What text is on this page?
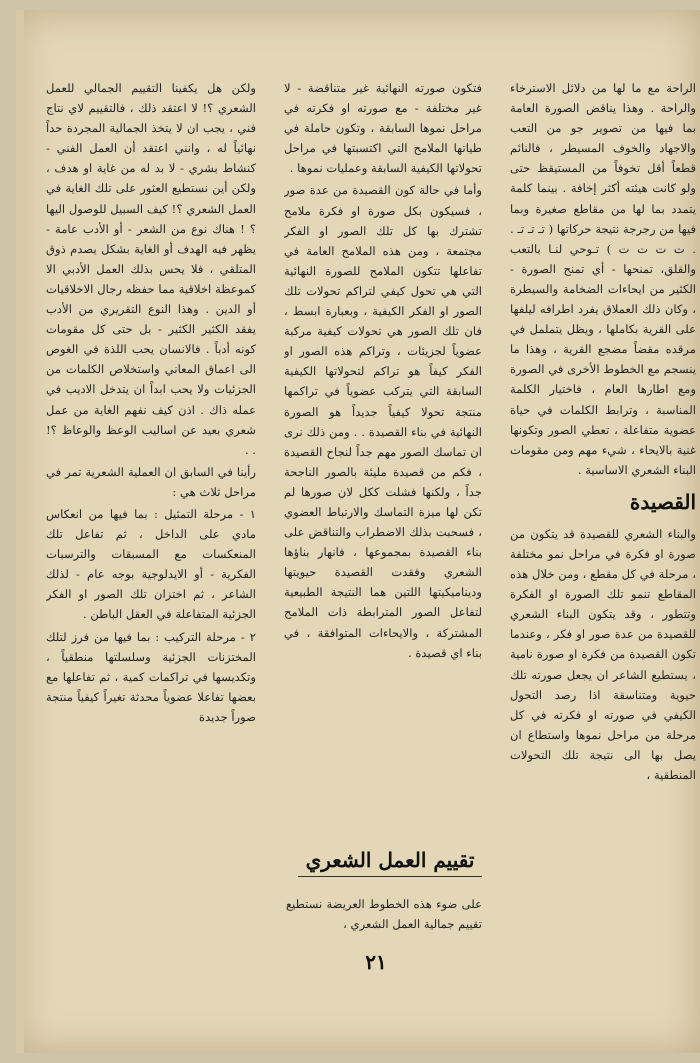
الراحة مع ما لها من دلائل الاسترخاء والراحة . وهذا يناقض الصورة العامة بما فيها من تصوير جو من التعب والاجهاد والخوف المسيطر ، فالنائم قطعاً أقل تخوفاً من المستيقظ حتى ولو كانت هيئته أكثر إخافة . بينما كلمة يتمدد بما لها من مقاطع صغيرة وبما فيها من رجرجة نتيجة حركاتها ( تـ تـ تـ . . ت ت ت ت ) تـوحي لنـا بالتعب والقلق، تمنحها - أي تمنح الصورة - الكثير من ايحاءات الضخامة والسيطرة ، وكان ذلك العملاق يفرد اطرافه ليلفها على القرية بكاملها ، ويظل يتململ في مرقده مقضاً مضجع القرية ، وهذا ما ينسجم مع الخطوط الأخرى في الصورة ومع اطارها العام ، فاختيار الكلمة المناسبة ، وترابط الكلمات في حياة عضوية متفاعلة ، تعطي الصور وتكونها غنية بالايحاء ، شيء مهم ومن مقومات البناء الشعري الاساسية .

القصيدة

والبناء الشعري للقصيدة قد يتكون من صورة او فكرة في مراحل نمو مختلفة ، مرحلة في كل مقطع ، ومن خلال هذه المقاطع تنمو تلك الصورة او الفكرة وتتطور ، وقد يتكون البناء الشعري للقصيدة من عدة صور او فكر ، وعندما تكون القصيدة من فكرة او صورة نامية ، يستطيع الشاعر ان يجعل صورته تلك حيوية ومتناسقة اذا رصد التحول الكيفي في صورته او فكرته في كل مرحلة من مراحل نموها واستطاع ان يصل بها الى نتيجة تلك التحولات المنطقية ،

فتكون صورته النهائية غير متناقضة - لا غير مختلفة - مع صورته او فكرته في مراحل نموها السابقة ، وتكون حاملة في طياتها الملامح التي اكتسبتها في مراحل تحولاتها الكيفية السابقة وعمليات نموها .

وأما في حالة كون القصيدة من عدة صور ، فسيكون بكل صورة او فكرة ملامح تشترك بها كل تلك الصور او الفكر مجتمعة ، ومن هذه الملامح العامة في تفاعلها تتكون الملامح للصورة النهائية التي هي تحول كيفي لتراكم تحولات تلك الصور او الفكر الكيفية ، وبعبارة ابسط ، فان تلك الصور هي تحولات كيفية مركبة عضوياً لجزيئات ، وتراكم هذه الصور او الفكر كيفاً هو تراكم لتحولاتها الكيفية السابقة التي يتركب عضوياً في تراكمها منتجة تحولا كيفياً جديداً هو الصورة النهائية في بناء القصيدة . . ومن ذلك نرى ان تماسك الصور مهم جداً لنجاح القصيدة ، فكم من قصيدة مليئة بالصور الناجحة جداً ، ولكنها فشلت ككل لان صورها لم تكن لها ميزة التماسك والارتباط العضوي ، فسحبت بذلك الاضطراب والتناقض على بناء القصيدة بمجموعها ، فانهار بناؤها الشعري وفقدت القصيدة حيويتها وديناميكيتها اللتين هما النتيجة الطبيعية لتفاعل الصور المترابطة ذات الملامح المشتركة ، والايحاءات المتوافقة ، في بناء اي قصيدة .

تقييم العمل الشعري
على ضوء هذه الخطوط العريضة نستطيع تقييم جمالية العمل الشعري ،

ولكن هل يكفينا التقييم الجمالي للعمل الشعري ؟! لا اعتقد ذلك ، فالتقييم لاي نتاج فني ، يجب ان لا يتخذ الجمالية المجردة حداً نهائياً له ، وانني اعتقد أن العمل الفني - كنشاط بشري - لا بد له من غاية او هدف ، ولكن أين نستطيع العثور على تلك الغاية في العمل الشعري ؟! كيف السبيل للوصول اليها ؟ ! هناك نوع من الشعر - أو الأدب عامة - يظهر فيه الهدف أو الغاية بشكل يصدم ذوق المتلقي ، فلا يحس بذلك العمل الأدبي الا كموعظة اخلاقية مما حفظه رجال الاخلاقيات أو الدين . وهذا النوع التقريري من الأدب يفقد الكثير الكثير - بل حتى كل مقومات كونه أدباً . فالانسان يحب اللذة في الغوص الى اعماق المعاني واستخلاص الكلمات من الجزئيات ولا يحب ابداً ان يتدخل الاديب في عمله ذاك . اذن كيف نفهم الغاية من عمل شعري بعيد عن اساليب الوعظ والوعاظ ؟! . .

رأينا في السابق ان العملية الشعرية تمر في مراحل ثلاث هي :

١ - مرحلة التمثيل : بما فيها من انعكاس مادي على الداخل ، ثم تفاعل تلك المنعكسات مع المسبقات والترسبات الفكرية - أو الايدلوجية بوجه عام - لذلك الشاعر ، ثم اختزان تلك الصور او الفكر الجزئية المتفاعلة في العقل الباطن .

٢ - مرحلة التركيب : بما فيها من فرز لتلك المختزنات الجزئية وسلسلتها منطقياً ، وتكديسها في تراكمات كمية ، ثم تفاعلها مع بعضها تفاعلا عضوياً محدثة تغيراً كيفياً منتجة صوراً جديدة

٢١
